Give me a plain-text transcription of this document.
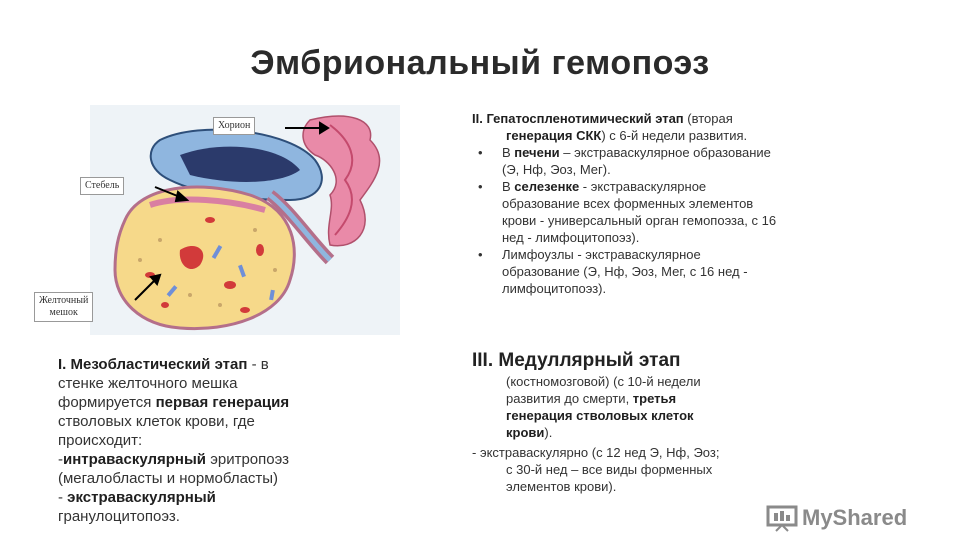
Эмбриональный гемопоэз
Хорион
Стебель
Желточный
мешок
I. Мезобластический этап - в
стенке желточного мешка
формируется первая генерация
стволовых клеток крови, где
происходит:
-интраваскулярный эритропоэз
(мегалобласты и нормобласты)
- экстраваскулярный
гранулоцитопоэз.
II. Гепатоспленотимический этап (вторая
генерация СКК) с 6-й недели развития.
• В печени – экстраваскулярное образование
(Э, Нф, Эоз, Мег).
• В селезенке - экстраваскулярное
образование всех форменных элементов
крови - универсальный орган гемопоэза, с 16
нед - лимфоцитопоэз).
• Лимфоузлы - экстраваскулярное
образование (Э, Нф, Эоз, Мег, с 16 нед -
лимфоцитопоэз).
III. Медуллярный этап
(костномозговой) (с 10-й недели
развития до смерти, третья
генерация стволовых клеток
крови).
- экстраваскулярно (с 12 нед Э, Нф, Эоз;
с 30-й нед – все виды форменных
элементов крови).
MyShared
